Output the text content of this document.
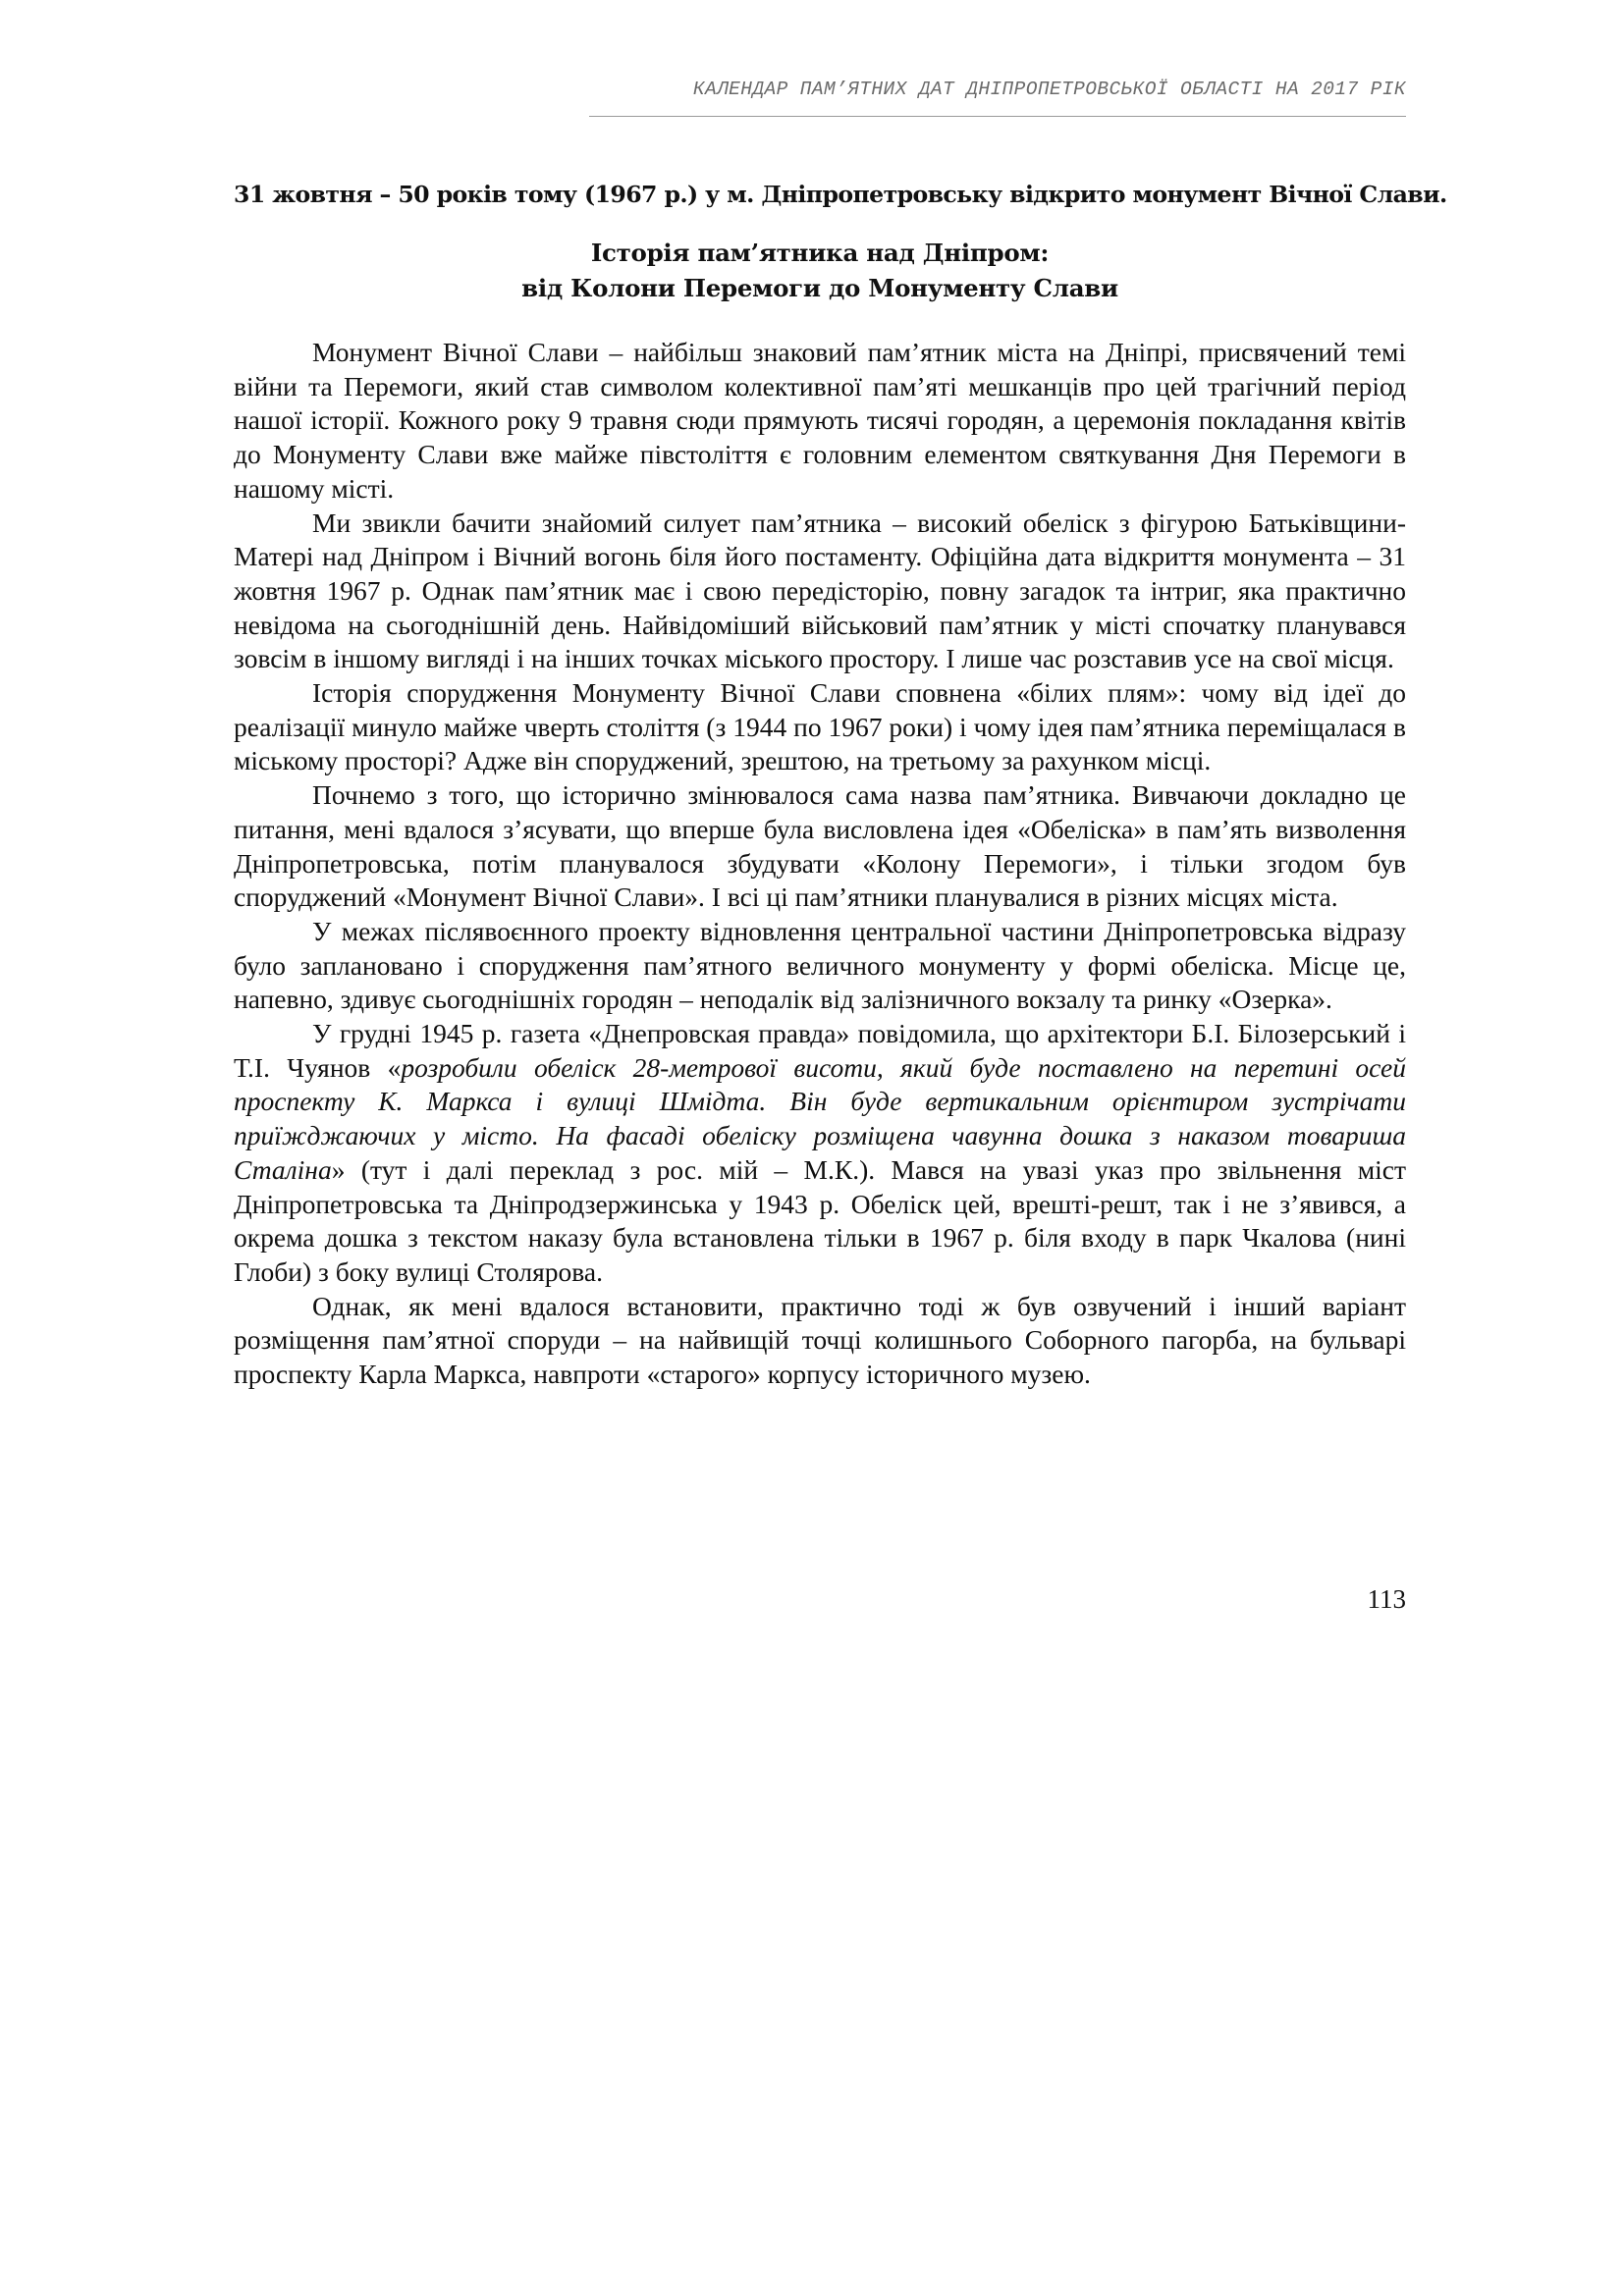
КАЛЕНДАР ПАМ’ЯТНИХ ДАТ ДНІПРОПЕТРОВСЬКОЇ ОБЛАСТІ НА 2017 РІК
31 жовтня – 50 років тому (1967 р.) у м. Дніпропетровську відкрито монумент Вічної Слави.
Історія пам’ятника над Дніпром:
від Колони Перемоги до Монументу Слави

Монумент Вічної Слави – найбільш знаковий пам’ятник міста на Дніпрі, присвячений темі війни та Перемоги, який став символом колективної пам’яті мешканців про цей трагічний період нашої історії. Кожного року 9 травня сюди прямують тисячі городян, а церемонія покладання квітів до Монументу Слави вже майже півстоліття є головним елементом святкування Дня Перемоги в нашому місті.

Ми звикли бачити знайомий силует пам’ятника – високий обеліск з фігурою Батьківщини-Матері над Дніпром і Вічний вогонь біля його постаменту. Офіційна дата відкриття монумента – 31 жовтня 1967 р. Однак пам’ятник має і свою передісторію, повну загадок та інтриг, яка практично невідома на сьогоднішній день. Найвідоміший військовий пам’ятник у місті спочатку планувався зовсім в іншому вигляді і на інших точках міського простору. І лише час розставив усе на свої місця.

Історія спорудження Монументу Вічної Слави сповнена «білих плям»: чому від ідеї до реалізації минуло майже чверть століття (з 1944 по 1967 роки) і чому ідея пам’ятника переміщалася в міському просторі? Адже він споруджений, зрештою, на третьому за рахунком місці.

Почнемо з того, що історично змінювалося сама назва пам’ятника. Вивчаючи докладно це питання, мені вдалося з’ясувати, що вперше була висловлена ідея «Обеліска» в пам’ять визволення Дніпропетровська, потім планувалося збудувати «Колону Перемоги», і тільки згодом був споруджений «Монумент Вічної Слави». І всі ці пам’ятники планувалися в різних місцях міста.

У межах післявоєнного проекту відновлення центральної частини Дніпропетровська відразу було заплановано і спорудження пам’ятного величного монументу у формі обеліска. Місце це, напевно, здивує сьогоднішніх городян – неподалік від залізничного вокзалу та ринку «Озерка».

У грудні 1945 р. газета «Днепровская правда» повідомила, що архітектори Б.І. Білозерський і Т.І. Чуянов «розробили обеліск 28-метрової висоти, який буде поставлено на перетині осей проспекту К. Маркса і вулиці Шмідта. Він буде вертикальним орієнтиром зустрічати приїжджаючих у місто. На фасаді обеліску розміщена чавунна дошка з наказом товариша Сталіна» (тут і далі переклад з рос. мій – М.К.). Мався на увазі указ про звільнення міст Дніпропетровська та Дніпродзержинська у 1943 р. Обеліск цей, врешті-решт, так і не з’явився, а окрема дошка з текстом наказу була встановлена тільки в 1967 р. біля входу в парк Чкалова (нині Глоби) з боку вулиці Столярова.

Однак, як мені вдалося встановити, практично тоді ж був озвучений і інший варіант розміщення пам’ятної споруди – на найвищій точці колишнього Соборного пагорба, на бульварі проспекту Карла Маркса, навпроти «старого» корпусу історичного музею.

113
